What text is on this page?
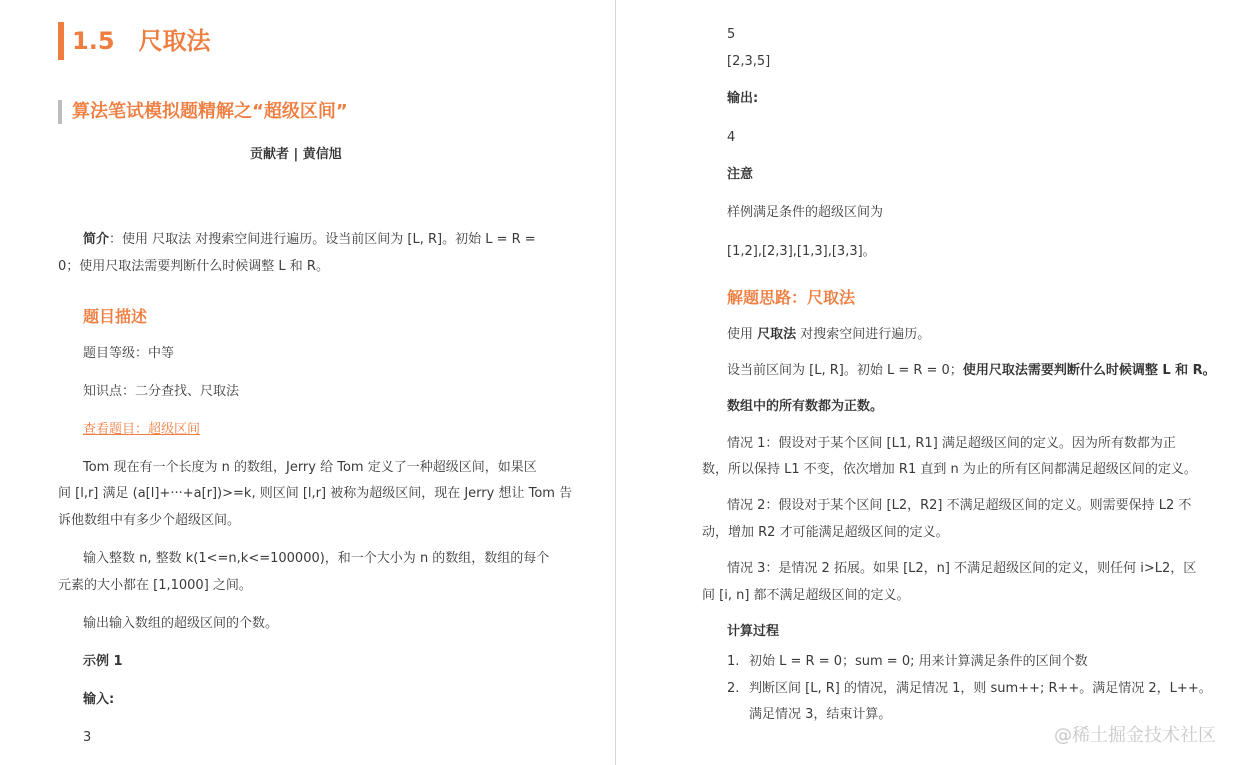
1.5 尺取法
算法笔试模拟题精解之“超级区间”
贡献者 | 黄信旭
简介：使用 尺取法 对搜索空间进行遍历。设当前区间为 [L, R]。初始 L = R =
0；使用尺取法需要判断什么时候调整 L 和 R。
题目描述
题目等级：中等
知识点：二分查找、尺取法
查看题目：超级区间
Tom 现在有一个长度为 n 的数组，Jerry 给 Tom 定义了一种超级区间，如果区
间 [l,r] 满足 (a[l]+···+a[r])>=k, 则区间 [l,r] 被称为超级区间，现在 Jerry 想让 Tom 告
诉他数组中有多少个超级区间。
输入整数 n, 整数 k(1<=n,k<=100000)，和一个大小为 n 的数组，数组的每个
元素的大小都在 [1,1000] 之间。
输出输入数组的超级区间的个数。
示例 1
输入:
3
5
[2,3,5]
输出:
4
注意
样例满足条件的超级区间为
[1,2],[2,3],[1,3],[3,3]。
解题思路：尺取法
使用 尺取法 对搜索空间进行遍历。
设当前区间为 [L, R]。初始 L = R = 0；使用尺取法需要判断什么时候调整 L 和 R。
数组中的所有数都为正数。
情况 1：假设对于某个区间 [L1, R1] 满足超级区间的定义。因为所有数都为正
数，所以保持 L1 不变，依次增加 R1 直到 n 为止的所有区间都满足超级区间的定义。
情况 2：假设对于某个区间 [L2，R2] 不满足超级区间的定义。则需要保持 L2 不
动，增加 R2 才可能满足超级区间的定义。
情况 3：是情况 2 拓展。如果 [L2，n] 不满足超级区间的定义，则任何 i>L2，区
间 [i, n] 都不满足超级区间的定义。
计算过程
1. 初始 L = R = 0；sum = 0; 用来计算满足条件的区间个数
2. 判断区间 [L, R] 的情况，满足情况 1，则 sum++; R++。满足情况 2，L++。
满足情况 3，结束计算。
@稀土掘金技术社区
